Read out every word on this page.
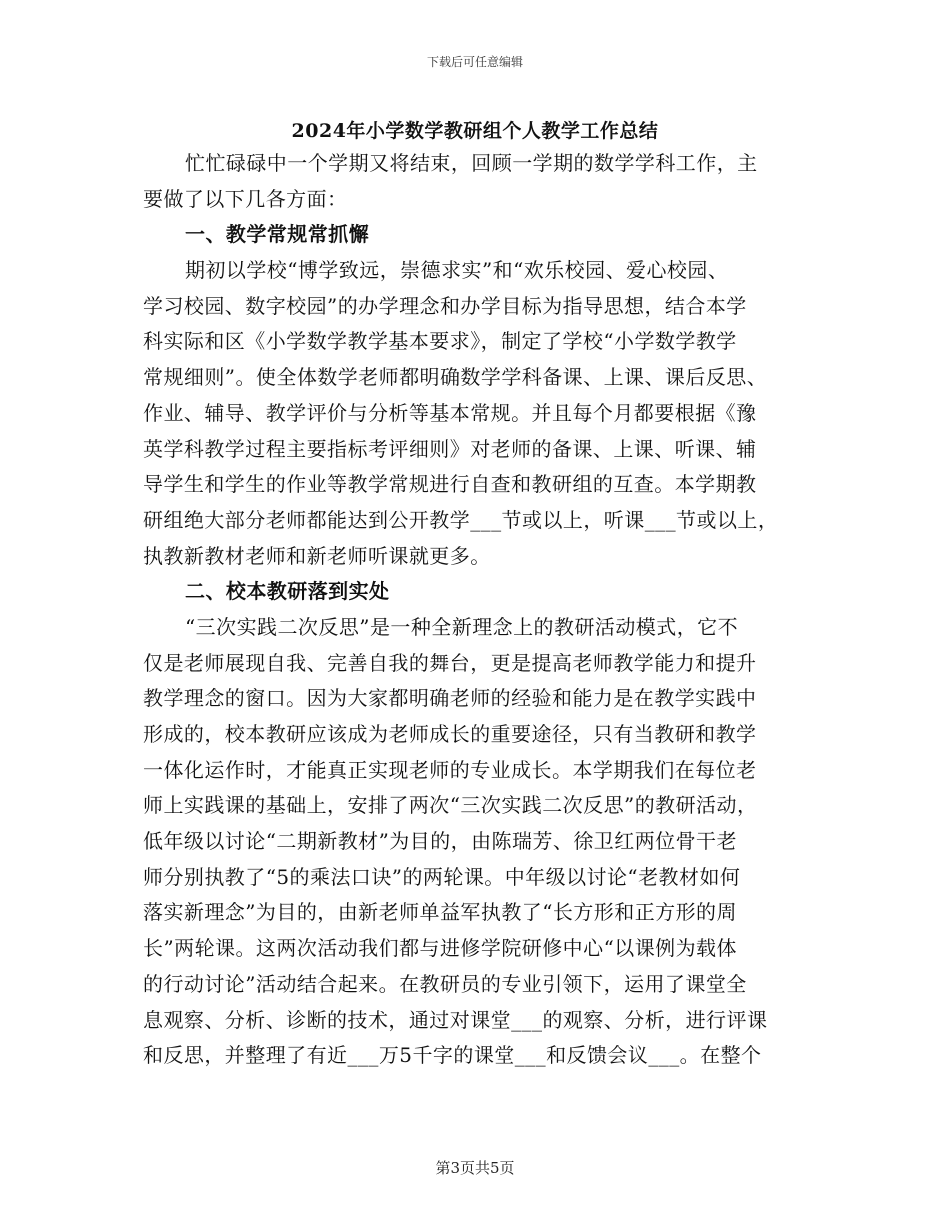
下载后可任意编辑
2024年小学数学教研组个人教学工作总结
忙忙碌碌中一个学期又将结束，回顾一学期的数学学科工作，主
要做了以下几各方面：
一、教学常规常抓懈
期初以学校“博学致远，崇德求实”和“欢乐校园、爱心校园、
学习校园、数字校园”的办学理念和办学目标为指导思想，结合本学
科实际和区《小学数学教学基本要求》，制定了学校“小学数学教学
常规细则”。使全体数学老师都明确数学学科备课、上课、课后反思、
作业、辅导、教学评价与分析等基本常规。并且每个月都要根据《豫
英学科教学过程主要指标考评细则》对老师的备课、上课、听课、辅
导学生和学生的作业等教学常规进行自查和教研组的互查。本学期教
研组绝大部分老师都能达到公开教学___节或以上，听课___节或以上，
执教新教材老师和新老师听课就更多。
二、校本教研落到实处
“三次实践二次反思”是一种全新理念上的教研活动模式，它不
仅是老师展现自我、完善自我的舞台，更是提高老师教学能力和提升
教学理念的窗口。因为大家都明确老师的经验和能力是在教学实践中
形成的，校本教研应该成为老师成长的重要途径，只有当教研和教学
一体化运作时，才能真正实现老师的专业成长。本学期我们在每位老
师上实践课的基础上，安排了两次“三次实践二次反思”的教研活动，
低年级以讨论“二期新教材”为目的，由陈瑞芳、徐卫红两位骨干老
师分别执教了“5的乘法口诀”的两轮课。中年级以讨论“老教材如何
落实新理念”为目的，由新老师单益军执教了“长方形和正方形的周
长”两轮课。这两次活动我们都与进修学院研修中心“以课例为载体
的行动讨论”活动结合起来。在教研员的专业引领下，运用了课堂全
息观察、分析、诊断的技术，通过对课堂___的观察、分析，进行评课
和反思，并整理了有近___万5千字的课堂___和反馈会议___。在整个
第3页共5页
